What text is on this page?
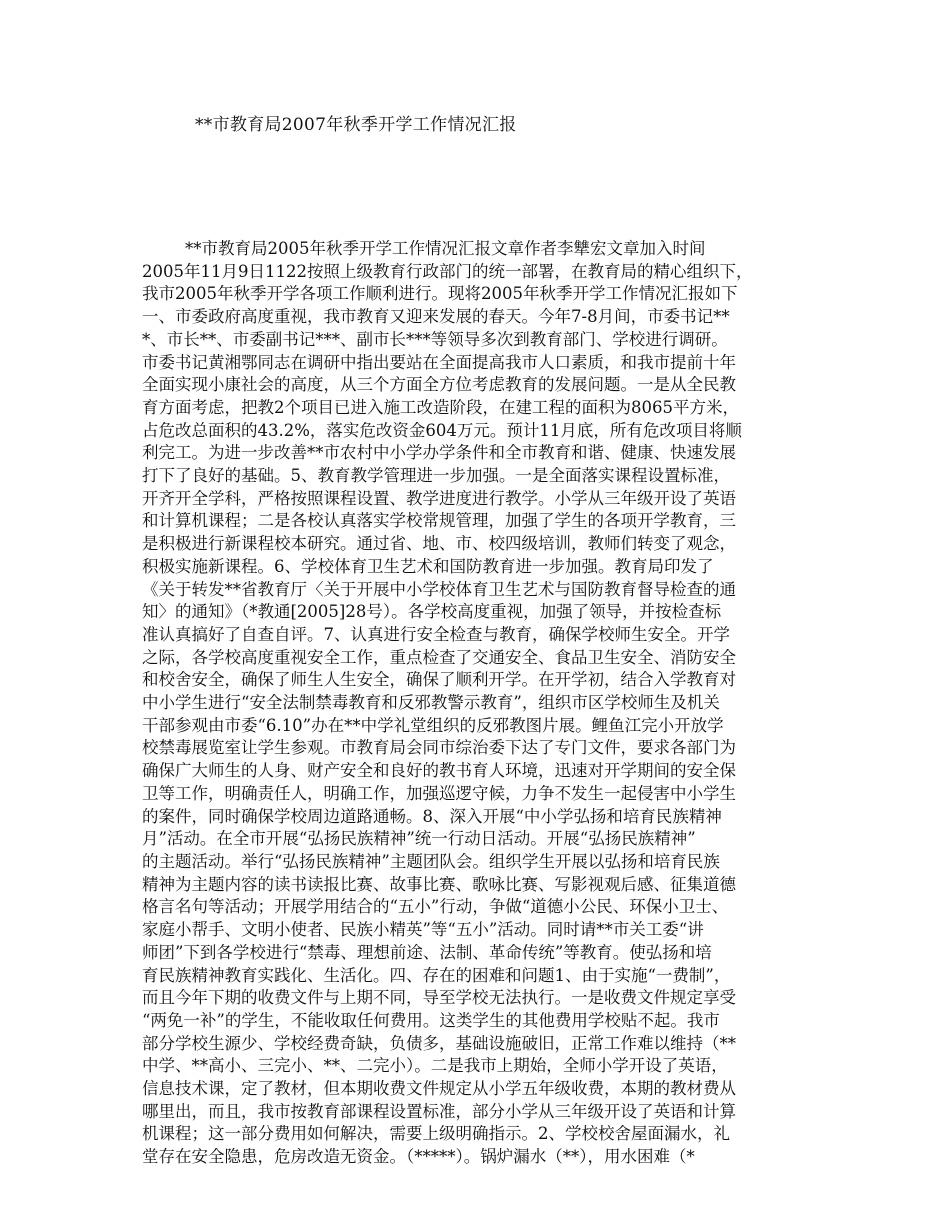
**市教育局2007年秋季开学工作情况汇报
**市教育局2005年秋季开学工作情况汇报文章作者李犨宏文章加入时间
2005年11月9日1122按照上级教育行政部门的统一部署，在教育局的精心组织下，
我市2005年秋季开学各项工作顺利进行。现将2005年秋季开学工作情况汇报如下
一、市委政府高度重视，我市教育又迎来发展的春天。今年7-8月间，市委书记**
*、市长**、市委副书记***、副市长***等领导多次到教育部门、学校进行调研。
市委书记黄湘鄂同志在调研中指出要站在全面提高我市人口素质，和我市提前十年
全面实现小康社会的高度，从三个方面全方位考虑教育的发展问题。一是从全民教
育方面考虑，把教2个项目已进入施工改造阶段，在建工程的面积为8065平方米，
占危改总面积的43.2%，落实危改资金604万元。预计11月底，所有危改项目将顺
利完工。为进一步改善**市农村中小学办学条件和全市教育和谐、健康、快速发展
打下了良好的基础。5、教育教学管理进一步加强。一是全面落实课程设置标准，
开齐开全学科，严格按照课程设置、教学进度进行教学。小学从三年级开设了英语
和计算机课程；二是各校认真落实学校常规管理，加强了学生的各项开学教育，三
是积极进行新课程校本研究。通过省、地、市、校四级培训，教师们转变了观念，
积极实施新课程。6、学校体育卫生艺术和国防教育进一步加强。教育局印发了
《关于转发**省教育厅〈关于开展中小学校体育卫生艺术与国防教育督导检查的通
知〉的通知》（*教通[2005]28号）。各学校高度重视，加强了领导，并按检查标
准认真搞好了自查自评。7、认真进行安全检查与教育，确保学校师生安全。开学
之际，各学校高度重视安全工作，重点检查了交通安全、食品卫生安全、消防安全
和校舍安全，确保了师生人生安全，确保了顺利开学。在开学初，结合入学教育对
中小学生进行“安全法制禁毒教育和反邪教警示教育”，组织市区学校师生及机关
干部参观由市委“6.10”办在**中学礼堂组织的反邪教图片展。鲤鱼江完小开放学
校禁毒展览室让学生参观。市教育局会同市综治委下达了专门文件，要求各部门为
确保广大师生的人身、财产安全和良好的教书育人环境，迅速对开学期间的安全保
卫等工作，明确责任人，明确工作，加强巡逻守候，力争不发生一起侵害中小学生
的案件，同时确保学校周边道路通畅。8、深入开展“中小学弘扬和培育民族精神
月”活动。在全市开展“弘扬民族精神”统一行动日活动。开展“弘扬民族精神”
的主题活动。举行“弘扬民族精神”主题团队会。组织学生开展以弘扬和培育民族
精神为主题内容的读书读报比赛、故事比赛、歌咏比赛、写影视观后感、征集道德
格言名句等活动；开展学用结合的“五小”行动，争做“道德小公民、环保小卫士、
家庭小帮手、文明小使者、民族小精英”等“五小”活动。同时请**市关工委“讲
师团”下到各学校进行“禁毒、理想前途、法制、革命传统”等教育。使弘扬和培
育民族精神教育实践化、生活化。四、存在的困难和问题1、由于实施“一费制”，
而且今年下期的收费文件与上期不同，导至学校无法执行。一是收费文件规定享受
“两免一补”的学生，不能收取任何费用。这类学生的其他费用学校贴不起。我市
部分学校生源少、学校经费奇缺，负债多，基础设施破旧，正常工作难以维持（**
中学、**高小、三完小、**、二完小）。二是我市上期始，全师小学开设了英语，
信息技术课，定了教材，但本期收费文件规定从小学五年级收费，本期的教材费从
哪里出，而且，我市按教育部课程设置标准，部分小学从三年级开设了英语和计算
机课程；这一部分费用如何解决，需要上级明确指示。2、学校校舍屋面漏水，礼
堂存在安全隐患，危房改造无资金。（*****）。锅炉漏水（**），用水困难（*
